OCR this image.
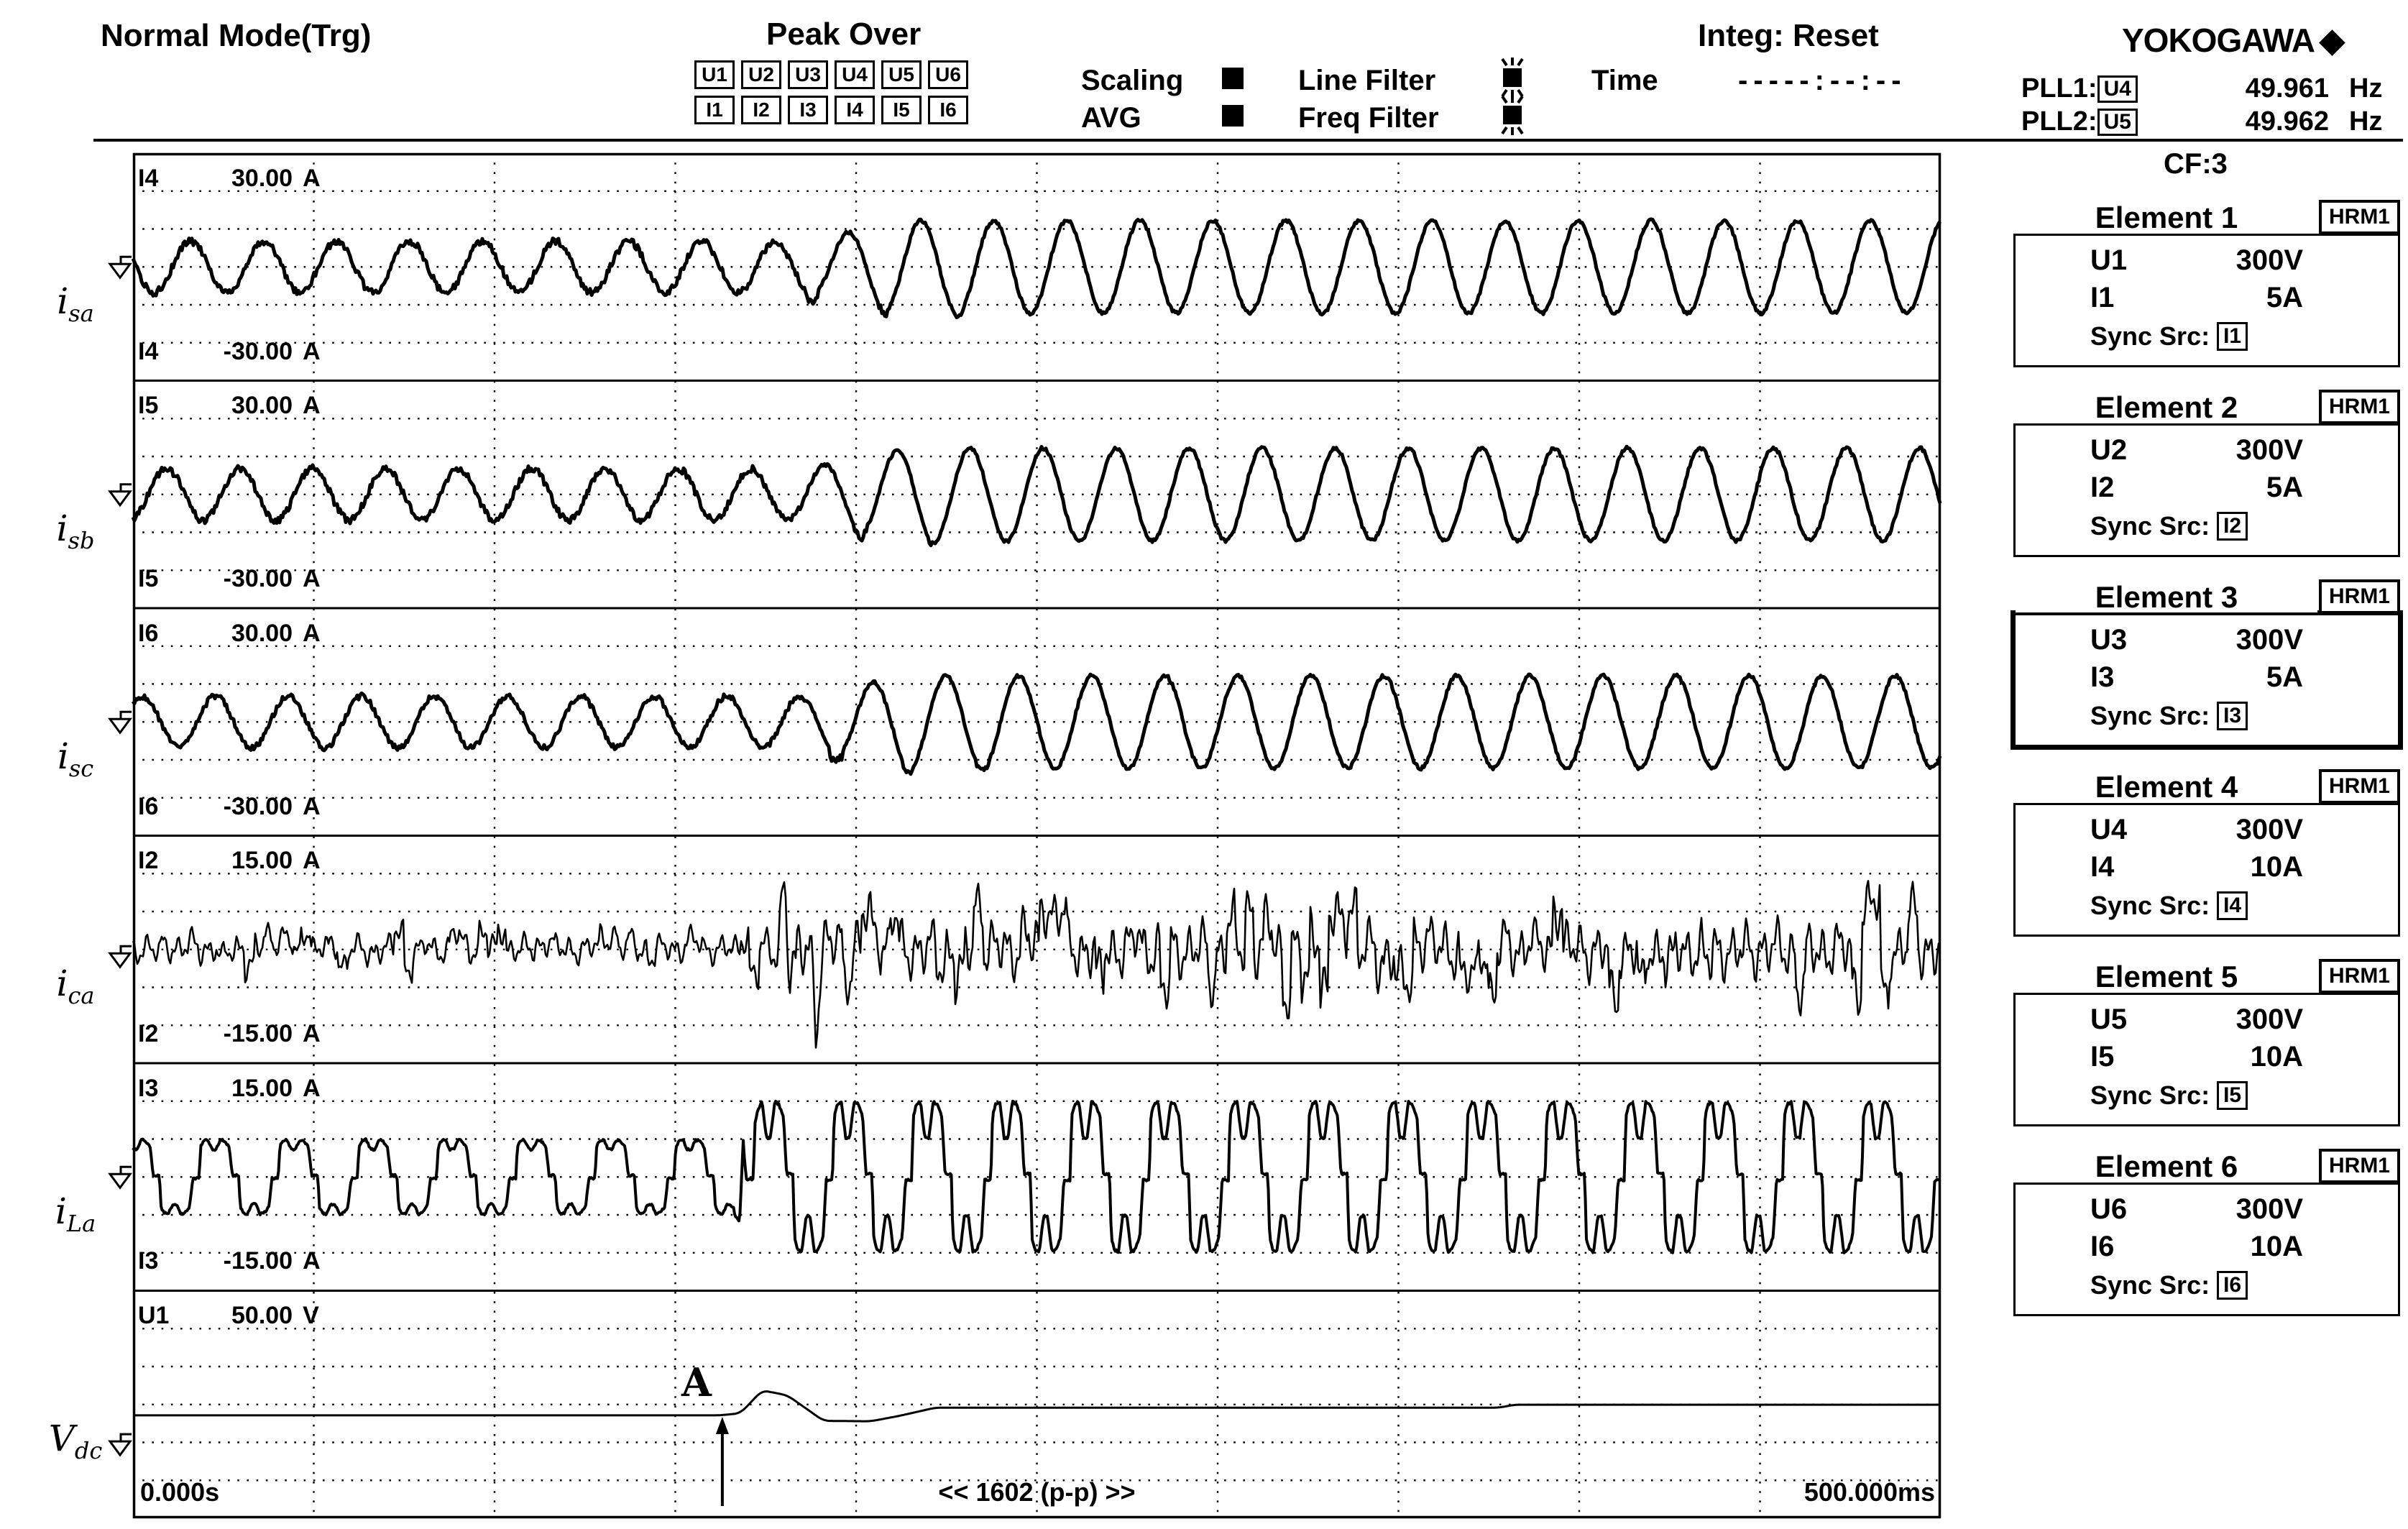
Normal Mode(Trg)	Peak Over
U1 U2 U3 U4 U5 U6
I1 I2 I3 I4 I5 I6
Scaling
AVG
Line Filter
Freq Filter
Time	-----:--:--
Integ: Reset	YOKOGAWA ◆
PLL1: U4	49.961 Hz
PLL2: U5	49.962 Hz
CF:3
Element 1	HRM1
U1	300V
I1	5A
Sync Src: I1
Element 2	HRM1
U2	300V
I2	5A
Sync Src: I2
Element 3	HRM1
U3	300V
I3	5A
Sync Src: I3
Element 4	HRM1
U4	300V
I4	10A
Sync Src: I4
Element 5	HRM1
U5	300V
I5	10A
Sync Src: I5
Element 6	HRM1
U6	300V
I6	10A
Sync Src: I6
$i_{sa}$
$i_{sb}$
$i_{sc}$
$i_{ca}$
$i_{La}$
$V_{dc}$
I4	30.00 A
I4	- 30.00 A
I5	30.00 A
I5	- 30.00 A
I6	30.00 A
I6	- 30.00 A
I2	15.00 A
I2	- 15.00 A
I3	15.00 A
I3	- 15.00 A
U1	50.00 V
0.000s	<< 1602 (p-p) >>	500.000ms
A
